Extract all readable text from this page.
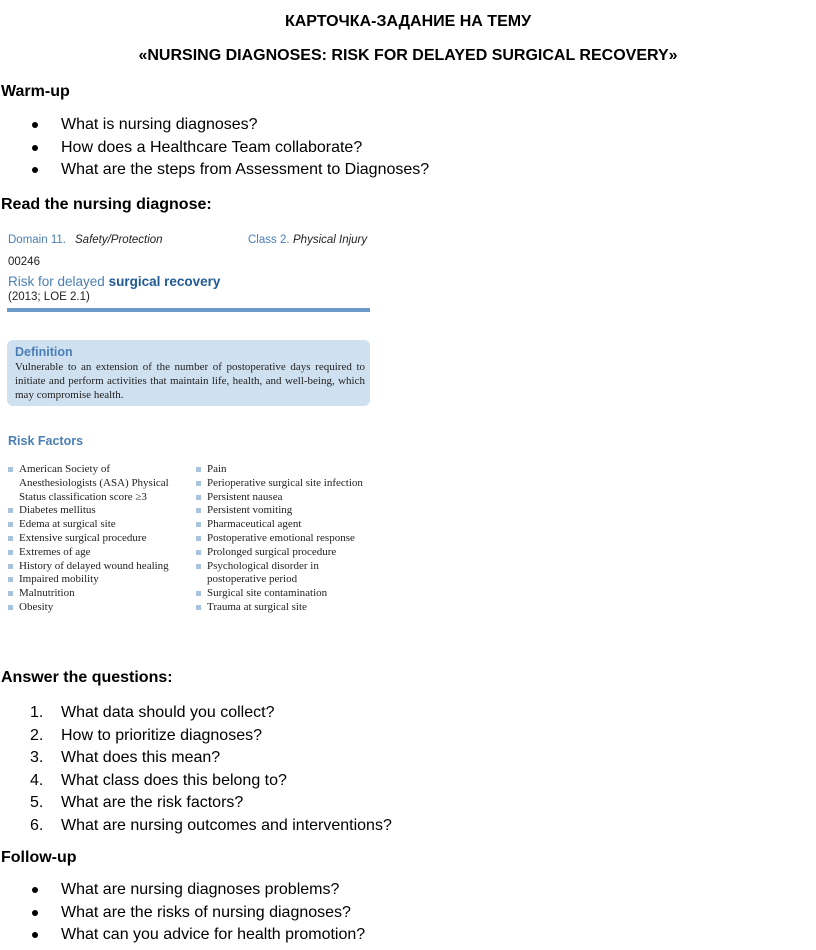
КАРТОЧКА-ЗАДАНИЕ НА ТЕМУ
«NURSING DIAGNOSES: RISK FOR DELAYED SURGICAL RECOVERY»
Warm-up
What is nursing diagnoses?
How does a Healthcare Team collaborate?
What are the steps from Assessment to Diagnoses?
Read the nursing diagnose:
Domain 11. Safety/Protection	Class 2. Physical Injury
00246
Risk for delayed surgical recovery
(2013; LOE 2.1)
Definition
Vulnerable to an extension of the number of postoperative days required to initiate and perform activities that maintain life, health, and well-being, which may compromise health.
Risk Factors
American Society of Anesthesiologists (ASA) Physical Status classification score ≥3
Diabetes mellitus
Edema at surgical site
Extensive surgical procedure
Extremes of age
History of delayed wound healing
Impaired mobility
Malnutrition
Obesity
Pain
Perioperative surgical site infection
Persistent nausea
Persistent vomiting
Pharmaceutical agent
Postoperative emotional response
Prolonged surgical procedure
Psychological disorder in postoperative period
Surgical site contamination
Trauma at surgical site
Answer the questions:
1. What data should you collect?
2. How to prioritize diagnoses?
3. What does this mean?
4. What class does this belong to?
5. What are the risk factors?
6. What are nursing outcomes and interventions?
Follow-up
What are nursing diagnoses problems?
What are the risks of nursing diagnoses?
What can you advice for health promotion?
